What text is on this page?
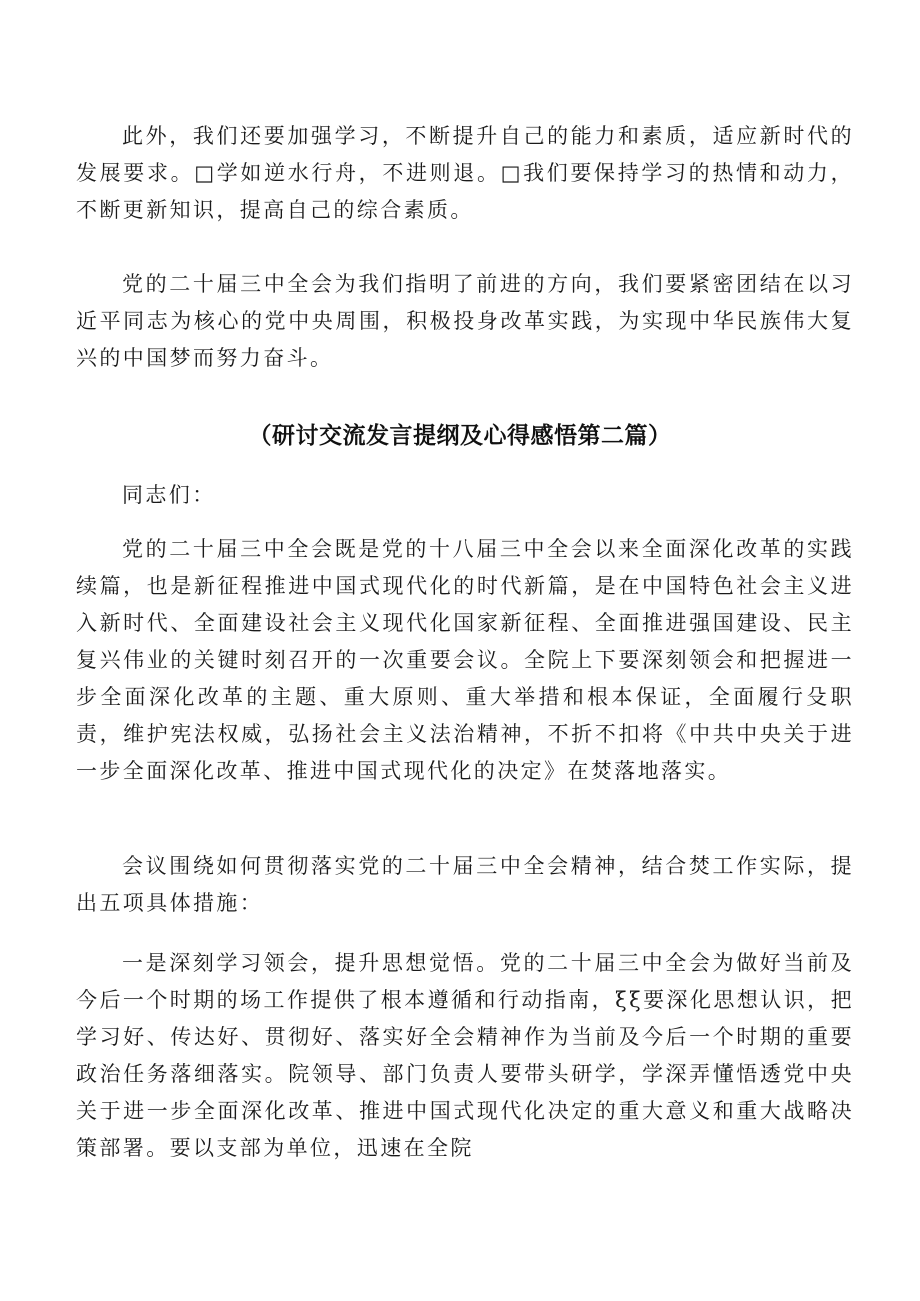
此外，我们还要加强学习，不断提升自己的能力和素质，适应新时代的发展要求。□学如逆水行舟，不进则退。□我们要保持学习的热情和动力，不断更新知识，提高自己的综合素质。

党的二十届三中全会为我们指明了前进的方向，我们要紧密团结在以习近平同志为核心的党中央周围，积极投身改革实践，为实现中华民族伟大复兴的中国梦而努力奋斗。

（研讨交流发言提纲及心得感悟第二篇）

同志们：

党的二十届三中全会既是党的十八届三中全会以来全面深化改革的实践续篇，也是新征程推进中国式现代化的时代新篇，是在中国特色社会主义进入新时代、全面建设社会主义现代化国家新征程、全面推进强国建设、民主复兴伟业的关键时刻召开的一次重要会议。全院上下要深刻领会和把握进一步全面深化改革的主题、重大原则、重大举措和根本保证，全面履行殳职责，维护宪法权威，弘扬社会主义法治精神，不折不扣将《中共中央关于进一步全面深化改革、推进中国式现代化的决定》在焚落地落实。

会议围绕如何贯彻落实党的二十届三中全会精神，结合焚工作实际，提出五项具体措施：

一是深刻学习领会，提升思想觉悟。党的二十届三中全会为做好当前及今后一个时期的场工作提供了根本遵循和行动指南，ξξ要深化思想认识，把学习好、传达好、贯彻好、落实好全会精神作为当前及今后一个时期的重要政治任务落细落实。院领导、部门负责人要带头研学，学深弄懂悟透党中央关于进一步全面深化改革、推进中国式现代化决定的重大意义和重大战略决策部署。要以支部为单位，迅速在全院
